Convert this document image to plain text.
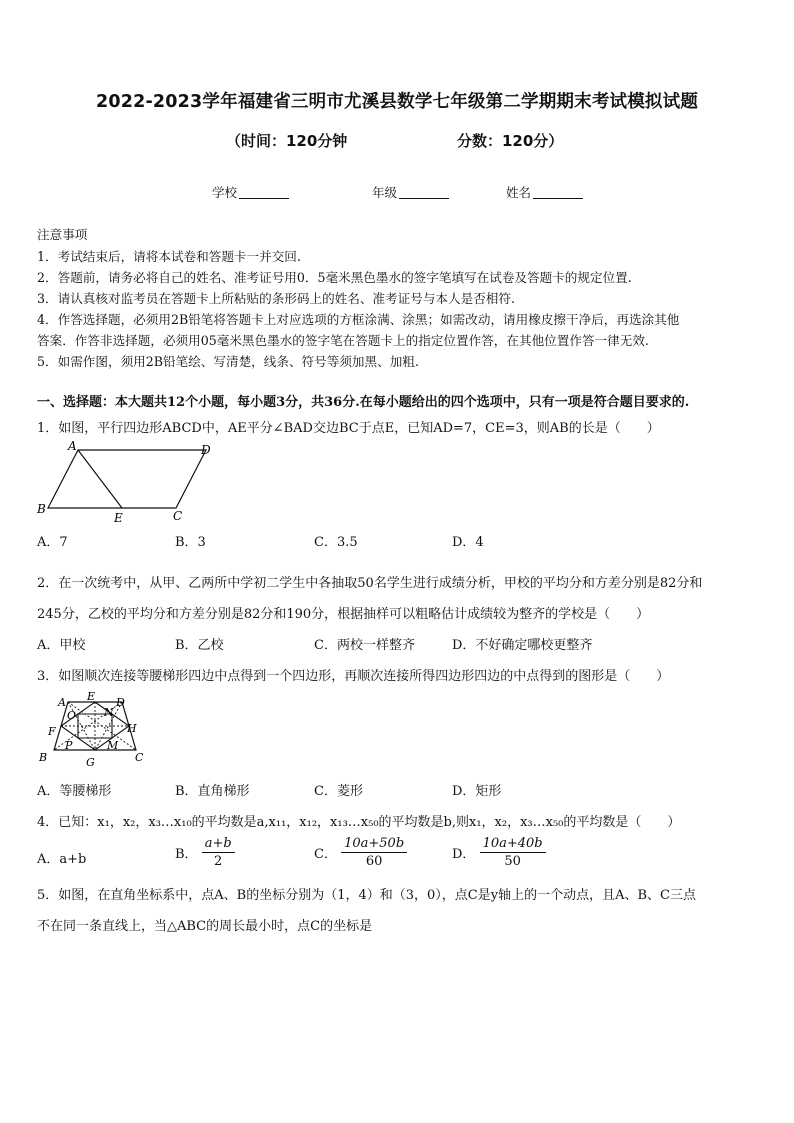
2022-2023学年福建省三明市尤溪县数学七年级第二学期期末考试模拟试题
（时间：120分钟	分数：120分）
学校	年级	姓名
注意事项
1．考试结束后，请将本试卷和答题卡一并交回.
2．答题前，请务必将自己的姓名、准考证号用0．5毫米黑色墨水的签字笔填写在试卷及答题卡的规定位置.
3．请认真核对监考员在答题卡上所粘贴的条形码上的姓名、准考证号与本人是否相符.
4．作答选择题，必须用2B铅笔将答题卡上对应选项的方框涂满、涂黑；如需改动，请用橡皮擦干净后，再选涂其他
答案．作答非选择题，必须用05毫米黑色墨水的签字笔在答题卡上的指定位置作答，在其他位置作答一律无效.
5．如需作图，须用2B铅笔绘、写清楚，线条、符号等须加黑、加粗.
一、选择题：本大题共12个小题，每小题3分，共36分.在每小题给出的四个选项中，只有一项是符合题目要求的.
1．如图，平行四边形ABCD中，AE平分∠BAD交边BC于点E，已知AD=7，CE=3，则AB的长是（　　）
A	D
B
E	C
A．7	B．3	C．3.5	D．4
2．在一次统考中，从甲、乙两所中学初二学生中各抽取50名学生进行成绩分析，甲校的平均分和方差分别是82分和
245分，乙校的平均分和方差分别是82分和190分，根据抽样可以粗略估计成绩较为整齐的学校是（　　）
A．甲校	B．乙校	C．两校一样整齐	D．不好确定哪校更整齐
3．如图顺次连接等腰梯形四边中点得到一个四边形，再顺次连接所得四边形四边的中点得到的图形是（　　）
A E D
O	N
H
F
P	M
B	G	C
A．等腰梯形	B．直角梯形	C．菱形	D．矩形
4．已知：x₁，x₂，x₃…x₁₀的平均数是a,x₁₁，x₁₂，x₁₃…x₅₀的平均数是b,则x₁，x₂，x₃…x₅₀的平均数是（　　）
A．a+b	B． $\frac{a+b}{2}$	C． $\frac{10a+50b}{60}$	D． $\frac{10a+40b}{50}$
5．如图，在直角坐标系中，点A、B的坐标分别为（1，4）和（3，0），点C是y轴上的一个动点，且A、B、C三点
不在同一条直线上，当△ABC的周长最小时，点C的坐标是
